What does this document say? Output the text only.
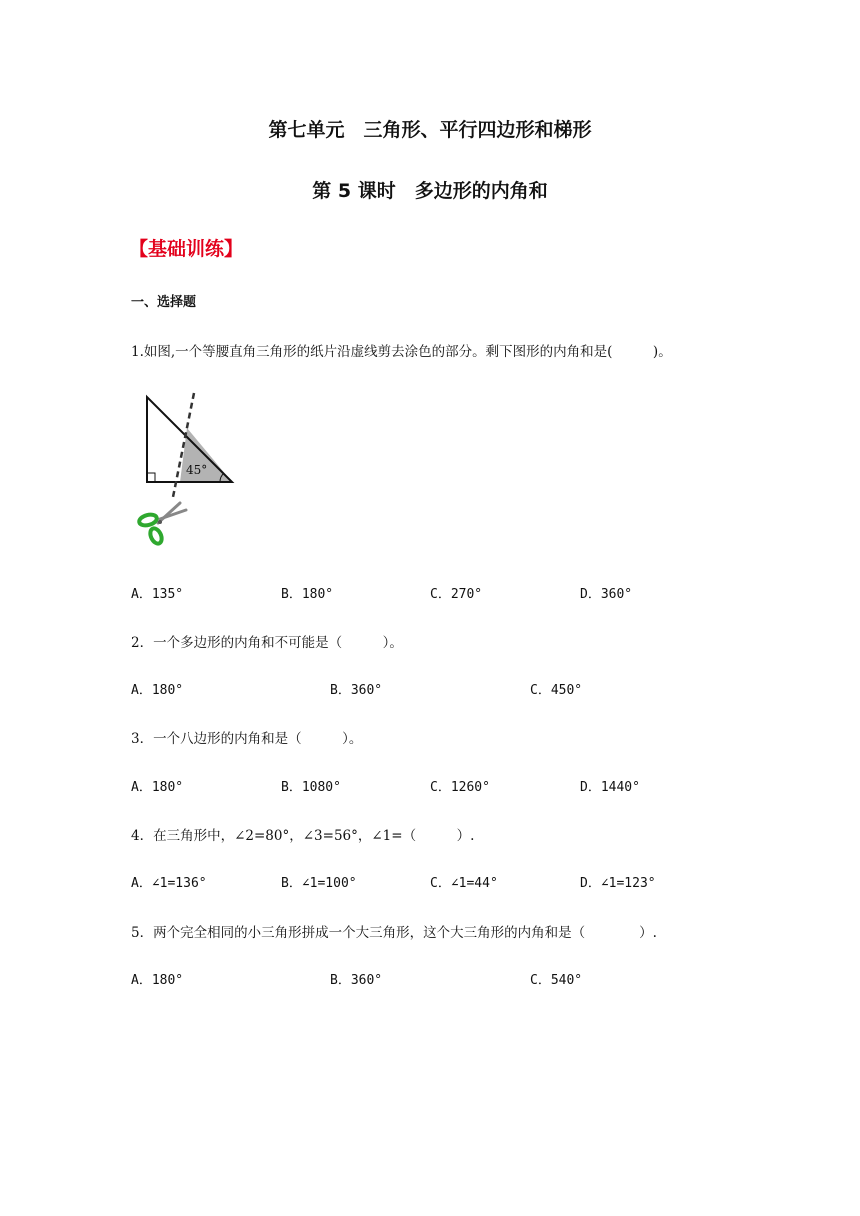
第七单元　三角形、平行四边形和梯形
第 5 课时　多边形的内角和
【基础训练】
一、选择题
1.如图,一个等腰直角三角形的纸片沿虚线剪去涂色的部分。剩下图形的内角和是(　　　)。
45°
A．135°	B．180°	C．270°	D．360°
2．一个多边形的内角和不可能是（　　　）。
A．180°	B．360°	C．450°
3．一个八边形的内角和是（　　　）。
A．180°	B．1080°	C．1260°	D．1440°
4．在三角形中，∠2=80°，∠3=56°，∠1=（　　　）.
A．∠1=136°	B．∠1=100°	C．∠1=44°	D．∠1=123°
5．两个完全相同的小三角形拼成一个大三角形，这个大三角形的内角和是（　　　　）.
A．180°	B．360°	C．540°
